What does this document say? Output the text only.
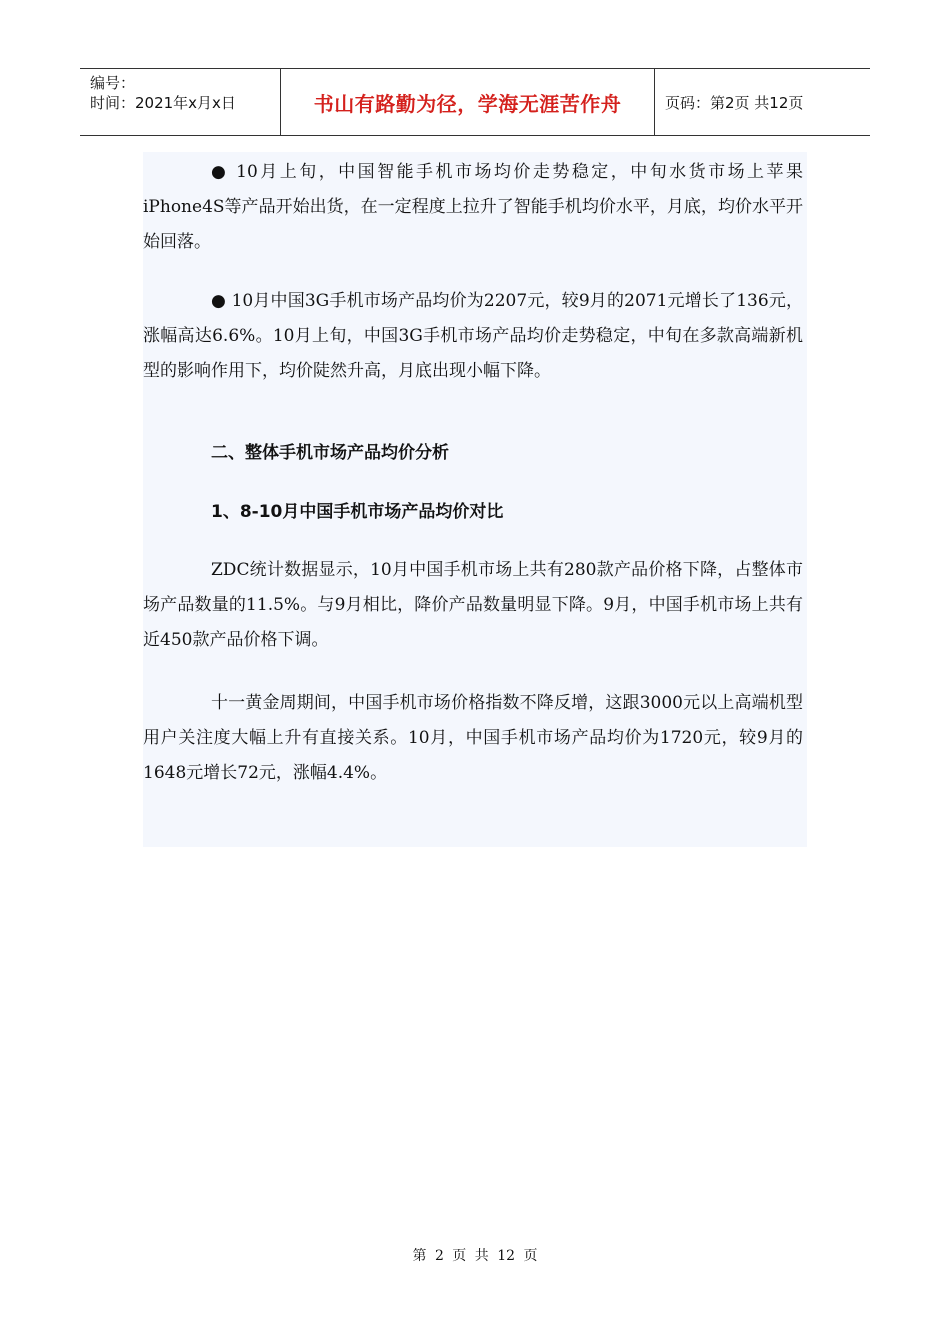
编号：
时间：2021年x月x日	书山有路勤为径，学海无涯苦作舟	页码：第2页 共12页

● 10月上旬，中国智能手机市场均价走势稳定，中旬水货市场上苹果iPhone4S等产品开始出货，在一定程度上拉升了智能手机均价水平，月底，均价水平开始回落。

● 10月中国3G手机市场产品均价为2207元，较9月的2071元增长了136元，涨幅高达6.6%。10月上旬，中国3G手机市场产品均价走势稳定，中旬在多款高端新机型的影响作用下，均价陡然升高，月底出现小幅下降。

二、整体手机市场产品均价分析
1、8-10月中国手机市场产品均价对比

ZDC统计数据显示，10月中国手机市场上共有280款产品价格下降，占整体市场产品数量的11.5%。与9月相比，降价产品数量明显下降。9月，中国手机市场上共有近450款产品价格下调。

十一黄金周期间，中国手机市场价格指数不降反增，这跟3000元以上高端机型用户关注度大幅上升有直接关系。10月，中国手机市场产品均价为1720元，较9月的1648元增长72元，涨幅4.4%。

第 2 页 共 12 页
